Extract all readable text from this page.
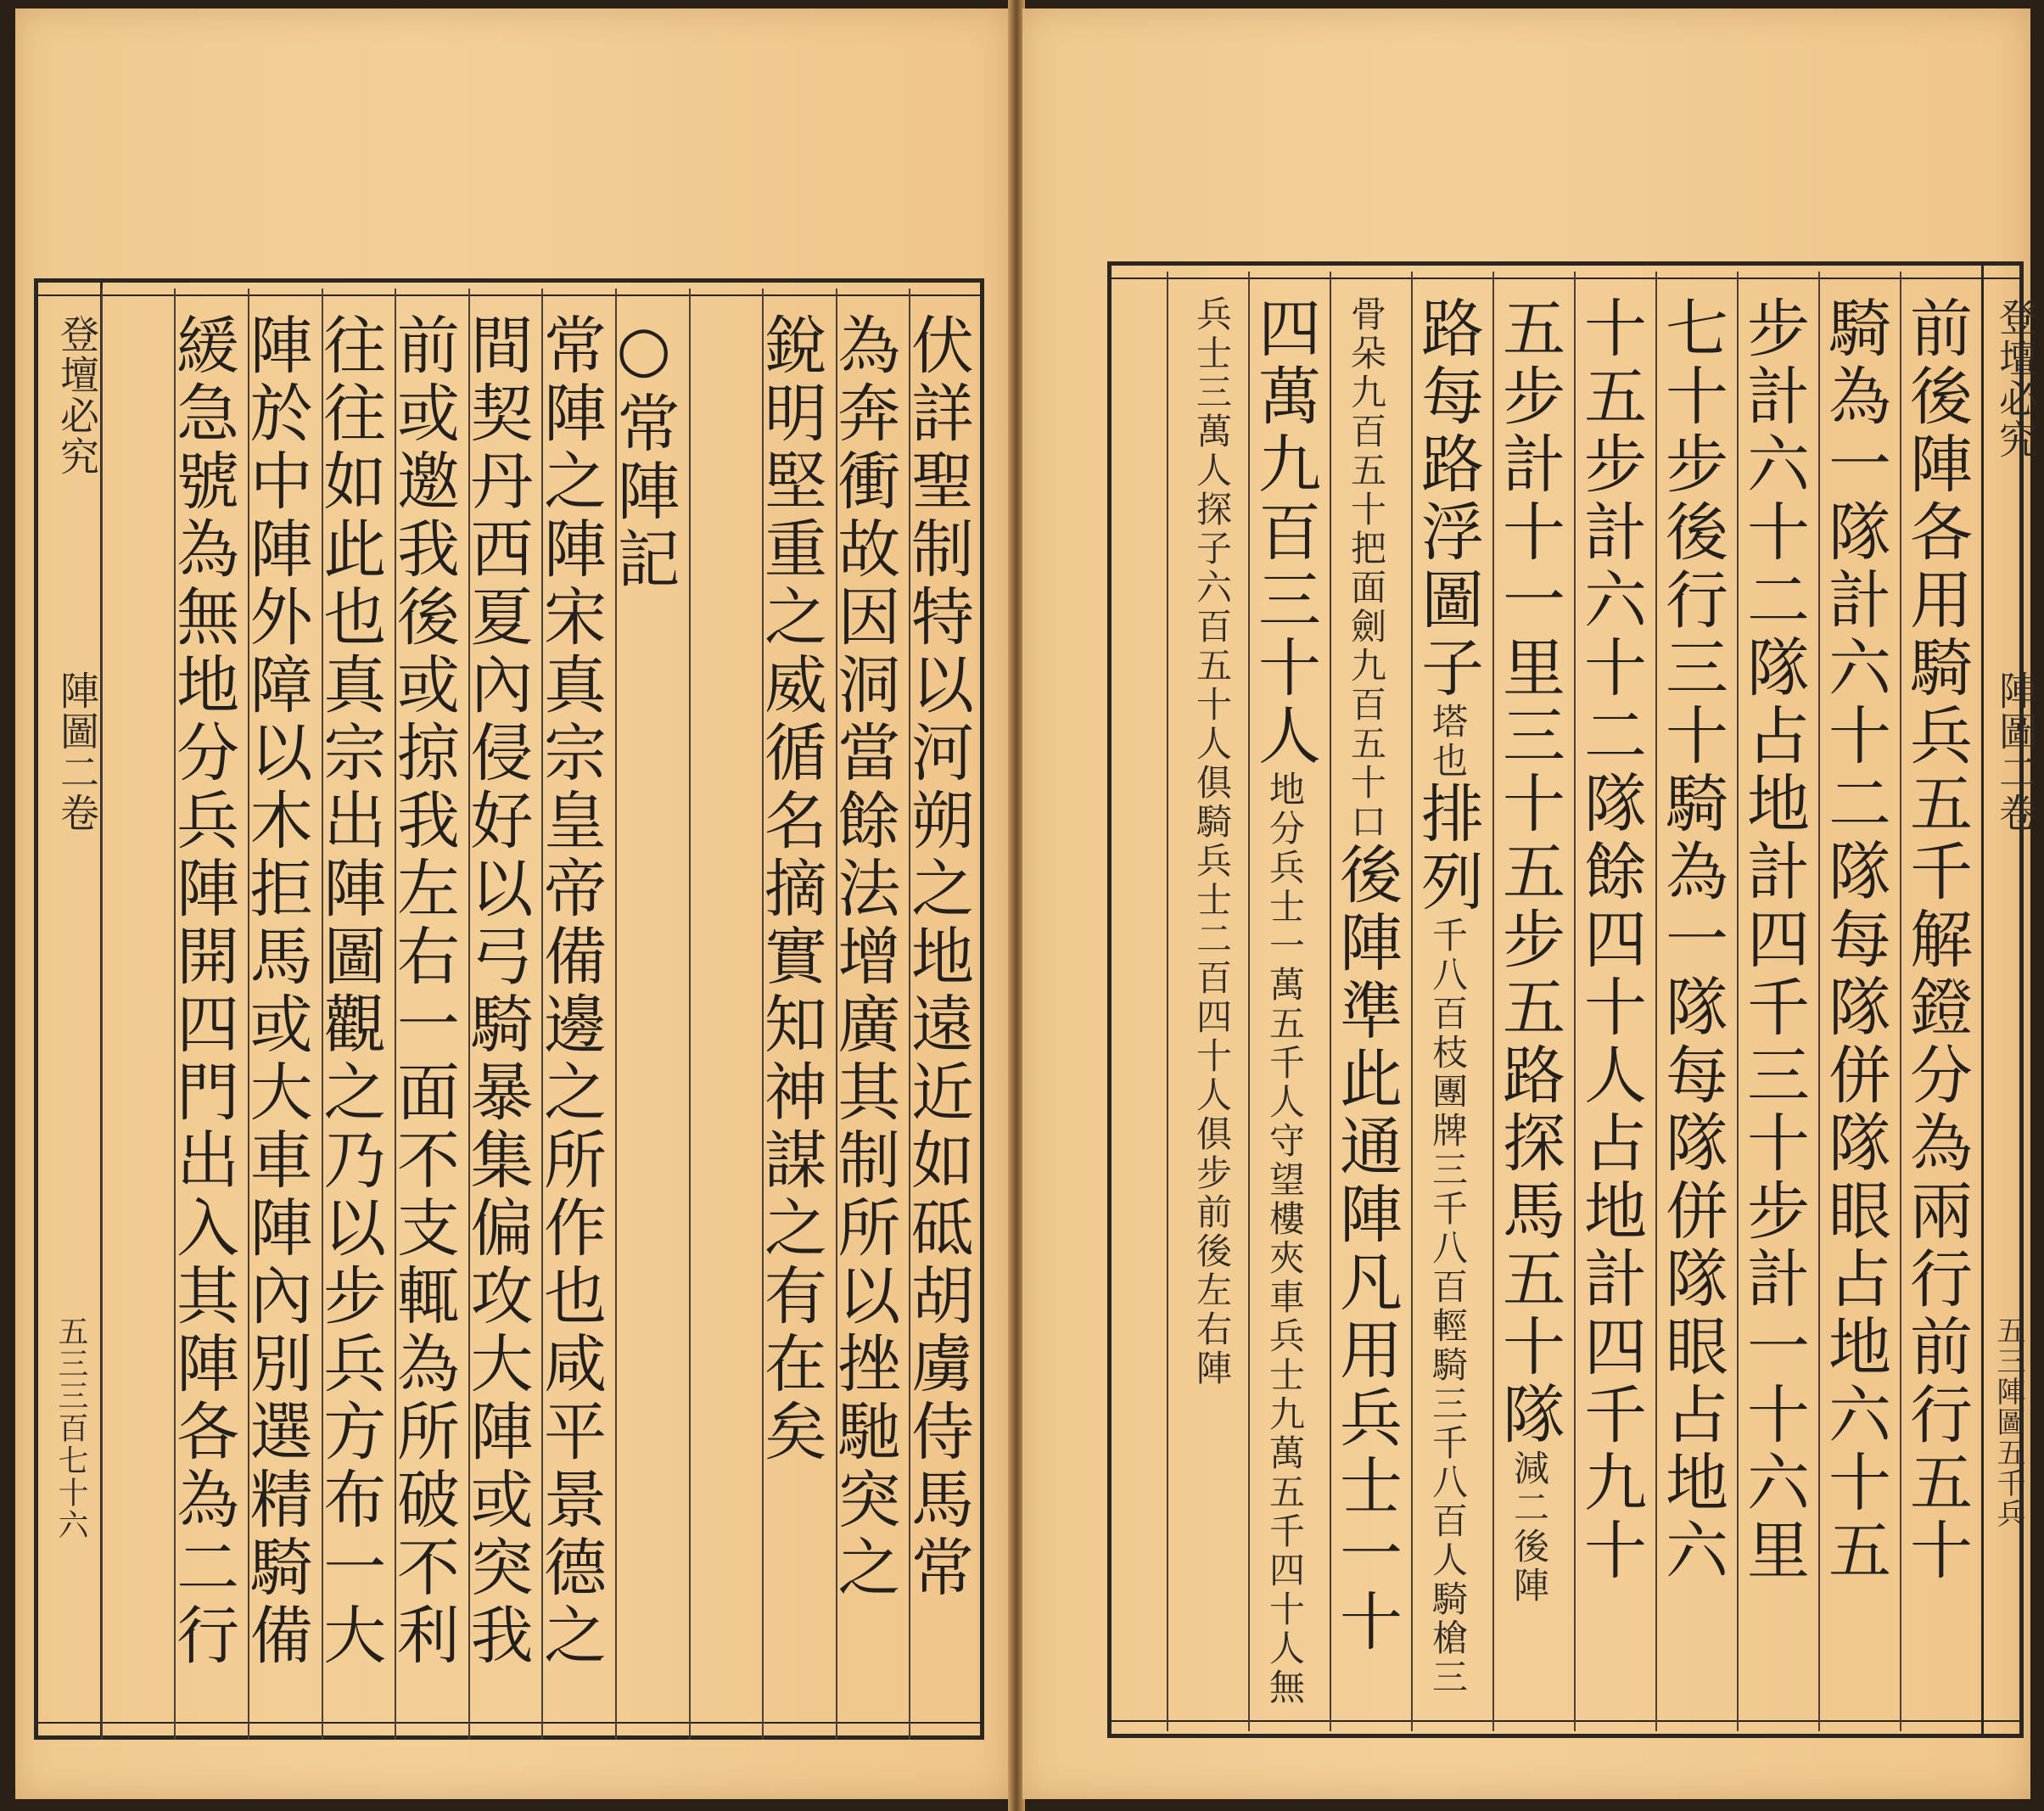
登壇必究
陣圖二卷
五三三百七十六	伏詳聖制特以河朔之地遠近如砥胡虜侍馬常
為奔衝故因洞當餘法增廣其制所以挫馳突之
銳明堅重之威循名摘實知神謀之有在矣
○常陣記
常陣之陣宋真宗皇帝備邊之所作也咸平景德之
間契丹西夏內侵好以弓騎暴集偏攻大陣或突我
前或邀我後或掠我左右一面不支輒為所破不利
往往如此也真宗出陣圖觀之乃以步兵方布一大
陣於中陣外障以木拒馬或大車陣內別選精騎備
緩急號為無地分兵陣開四門出入其陣各為二行	登壇必究
陣圖二卷
五三陣圖五千兵
前後陣各用騎兵五千解鐙分為兩行前行五十
騎為一隊計六十二隊每隊併隊眼占地六十五
步計六十二隊占地計四千三十步計一十六里
七十步後行三十騎為一隊每隊併隊眼占地六
十五步計六十二隊餘四十人占地計四千九十
五步計十一里三十五步五路探馬五十隊
後陣
減二
路每路浮圖子
塔也
排列
輕騎三千八百人騎槍三
千八百枝團牌三千八百
面劍九百五十口
骨朵九百五十把
後陣準此通陣凡用兵士一十
四萬九百三十人
夾車兵士九萬五千四十人無
地分兵士一萬五千人守望樓
兵士二百四十人俱步前後左右陣
兵士三萬人探子六百五十人俱騎
